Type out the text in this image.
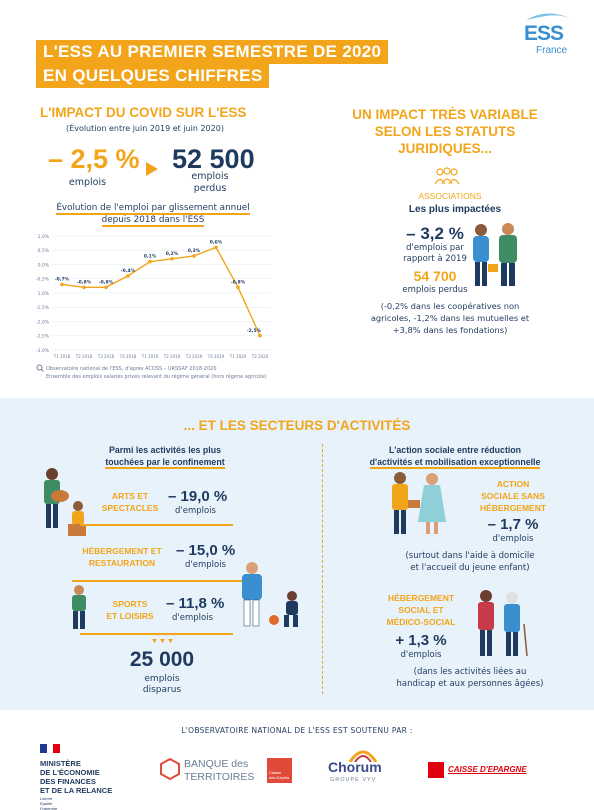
L'ESS AU PREMIER SEMESTRE DE 2020
EN QUELQUES CHIFFRES
ESS
France
L'IMPACT DU COVID SUR L'ESS
(Évolution entre juin 2019 et juin 2020)
– 2,5 %
emplois
52 500
emplois
perdus
Évolution de l'emploi par glissement annuel
depuis 2018 dans l'ESS
1,0%
0,5%
0,0%
-0,5%
1,0%
-1,5%
-2,0%
-2,5%
-3,0%
T1 2018 T2 2018 T3 2018 T4 2018 T1 2019 T2 2019 T3 2019 T4 2019 T1 2020 T2 2020
-0,7%
-0,8% -0,8%
-0,4%
0,1%
0,2%
0,3%
0,6%
-0,8%
-2,5%
Observatoire national de l'ESS, d'après ACOSS – URSSAF 2018-2020
Ensemble des emplois salariés privés relevant du régime général (hors régime agricole)
UN IMPACT TRÈS VARIABLE
SELON LES STATUTS
JURIDIQUES...
ASSOCIATIONS
Les plus impactées
– 3,2 %
d'emplois par
rapport à 2019
54 700
emplois perdus
(-0,2% dans les coopératives non
agricoles, -1,2% dans les mutuelles et
+3,8% dans les fondations)
... ET LES SECTEURS D'ACTIVITÉS
Parmi les activités les plus
touchées par le confinement
ARTS ET
SPECTACLES
– 19,0 %
d'emplois
HÉBERGEMENT ET
RESTAURATION
– 15,0 %
d'emplois
SPORTS
ET LOISIRS
– 11,8 %
d'emplois
25 000
emplois
disparus
L'action sociale entre réduction
d'activités et mobilisation exceptionnelle
ACTION
SOCIALE SANS
HÉBERGEMENT
– 1,7 %
d'emplois
(surtout dans l'aide à domicile
et l'accueil du jeune enfant)
HÉBERGEMENT
SOCIAL ET
MÉDICO-SOCIAL
+ 1,3 %
d'emplois
(dans les activités liées au
handicap et aux personnes âgées)
L'OBSERVATOIRE NATIONAL DE L'ESS EST SOUTENU PAR :
MINISTÈRE
DE L'ÉCONOMIE
DES FINANCES
ET DE LA RELANCE
Liberté
Égalité
Fraternité
BANQUE des
TERRITOIRES	Caisse
des Dépôts
Chorum
GROUPE VYV
CAISSE D'EPARGNE
